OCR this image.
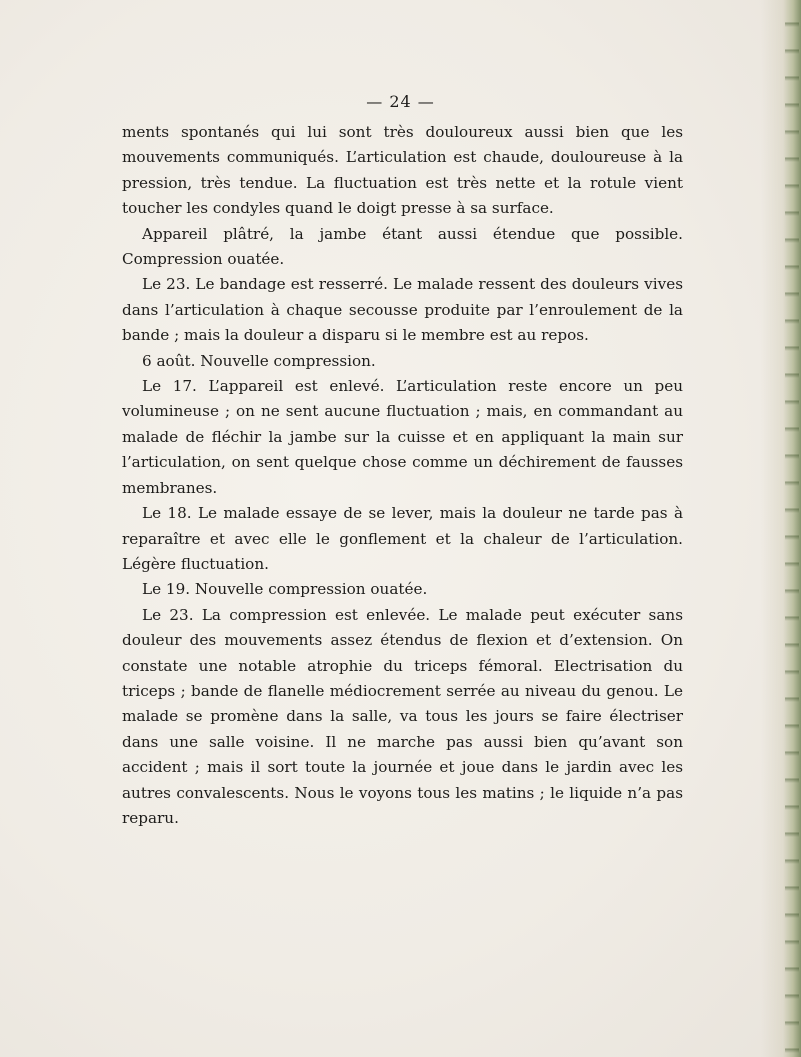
— 24 —

ments spontanés qui lui sont très douloureux aussi bien que les mouvements communiqués. L’articulation est chaude, douloureuse à la pression, très tendue. La fluctuation est très nette et la rotule vient toucher les condyles quand le doigt presse à sa surface.

Appareil plâtré, la jambe étant aussi étendue que possible. Compression ouatée.

Le 23. Le bandage est resserré. Le malade ressent des douleurs vives dans l’articulation à chaque secousse produite par l’enroulement de la bande ; mais la douleur a disparu si le membre est au repos.

6 août. Nouvelle compression.

Le 17. L’appareil est enlevé. L’articulation reste encore un peu volumineuse ; on ne sent aucune fluctuation ; mais, en commandant au malade de fléchir la jambe sur la cuisse et en appliquant la main sur l’articulation, on sent quelque chose comme un déchirement de fausses membranes.

Le 18. Le malade essaye de se lever, mais la douleur ne tarde pas à reparaître et avec elle le gonflement et la chaleur de l’articulation. Légère fluctuation.

Le 19. Nouvelle compression ouatée.

Le 23. La compression est enlevée. Le malade peut exécuter sans douleur des mouvements assez étendus de flexion et d’extension. On constate une notable atrophie du triceps fémoral. Electrisation du triceps ; bande de flanelle médiocrement serrée au niveau du genou. Le malade se promène dans la salle, va tous les jours se faire électriser dans une salle voisine. Il ne marche pas aussi bien qu’avant son accident ; mais il sort toute la journée et joue dans le jardin avec les autres convalescents. Nous le voyons tous les matins ; le liquide n’a pas reparu.
